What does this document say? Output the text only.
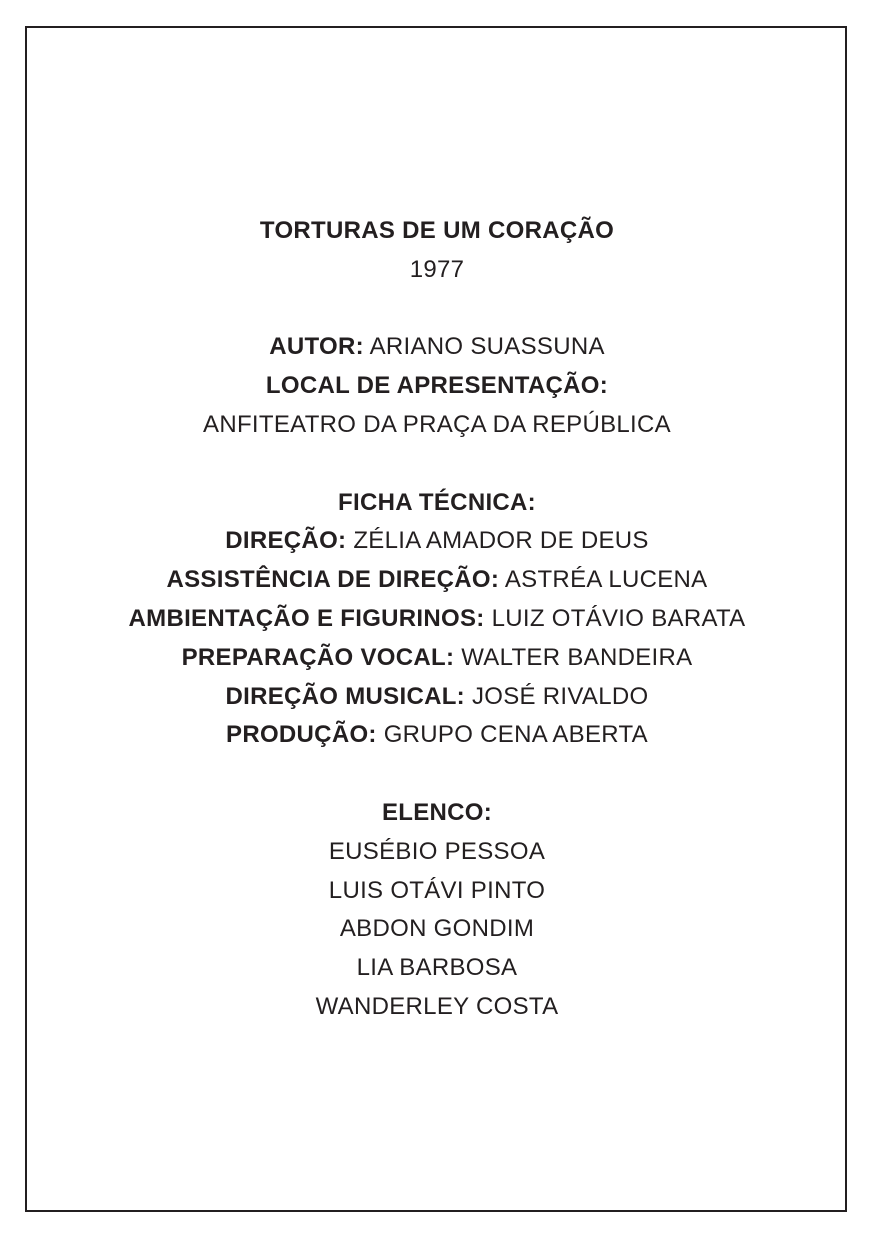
TORTURAS DE UM CORAÇÃO

1977

AUTOR: ARIANO SUASSUNA

LOCAL DE APRESENTAÇÃO:

ANFITEATRO DA PRAÇA DA REPÚBLICA

FICHA TÉCNICA:

DIREÇÃO: ZÉLIA AMADOR DE DEUS

ASSISTÊNCIA DE DIREÇÃO: ASTRÉA LUCENA

AMBIENTAÇÃO E FIGURINOS: LUIZ OTÁVIO BARATA

PREPARAÇÃO VOCAL: WALTER BANDEIRA

DIREÇÃO MUSICAL: JOSÉ RIVALDO

PRODUÇÃO: GRUPO CENA ABERTA

ELENCO:

EUSÉBIO PESSOA

LUIS OTÁVI PINTO

ABDON GONDIM

LIA BARBOSA

WANDERLEY COSTA
